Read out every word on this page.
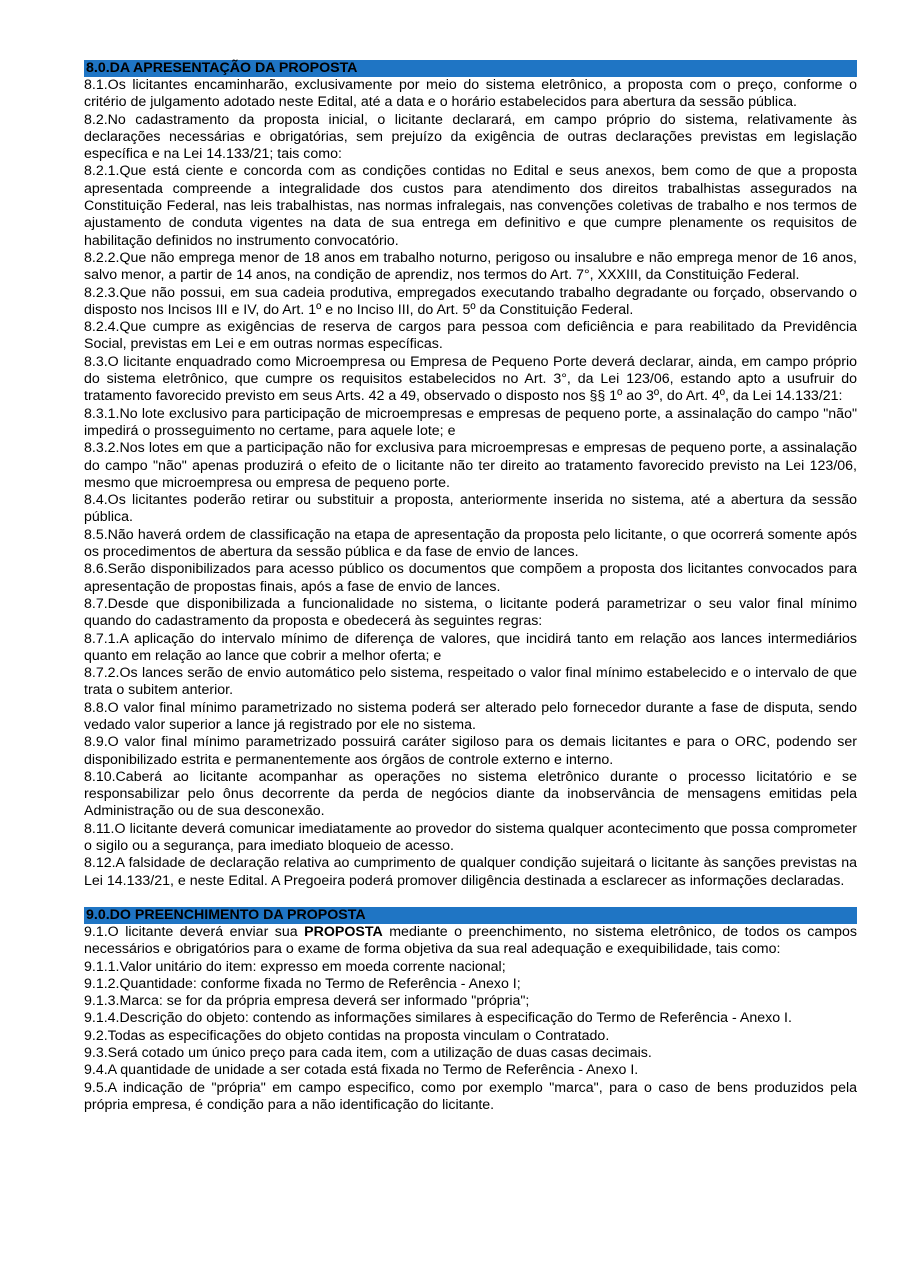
8.0.DA APRESENTAÇÃO DA PROPOSTA

8.1.Os licitantes encaminharão, exclusivamente por meio do sistema eletrônico, a proposta com o preço, conforme o critério de julgamento adotado neste Edital, até a data e o horário estabelecidos para abertura da sessão pública.

8.2.No cadastramento da proposta inicial, o licitante declarará, em campo próprio do sistema, relativamente às declarações necessárias e obrigatórias, sem prejuízo da exigência de outras declarações previstas em legislação específica e na Lei 14.133/21; tais como:

8.2.1.Que está ciente e concorda com as condições contidas no Edital e seus anexos, bem como de que a proposta apresentada compreende a integralidade dos custos para atendimento dos direitos trabalhistas assegurados na Constituição Federal, nas leis trabalhistas, nas normas infralegais, nas convenções coletivas de trabalho e nos termos de ajustamento de conduta vigentes na data de sua entrega em definitivo e que cumpre plenamente os requisitos de habilitação definidos no instrumento convocatório.

8.2.2.Que não emprega menor de 18 anos em trabalho noturno, perigoso ou insalubre e não emprega menor de 16 anos, salvo menor, a partir de 14 anos, na condição de aprendiz, nos termos do Art. 7°, XXXIII, da Constituição Federal.

8.2.3.Que não possui, em sua cadeia produtiva, empregados executando trabalho degradante ou forçado, observando o disposto nos Incisos III e IV, do Art. 1º e no Inciso III, do Art. 5º da Constituição Federal.

8.2.4.Que cumpre as exigências de reserva de cargos para pessoa com deficiência e para reabilitado da Previdência Social, previstas em Lei e em outras normas específicas.

8.3.O licitante enquadrado como Microempresa ou Empresa de Pequeno Porte deverá declarar, ainda, em campo próprio do sistema eletrônico, que cumpre os requisitos estabelecidos no Art. 3°, da Lei 123/06, estando apto a usufruir do tratamento favorecido previsto em seus Arts. 42 a 49, observado o disposto nos §§ 1º ao 3º, do Art. 4º, da Lei 14.133/21:

8.3.1.No lote exclusivo para participação de microempresas e empresas de pequeno porte, a assinalação do campo "não" impedirá o prosseguimento no certame, para aquele lote; e

8.3.2.Nos lotes em que a participação não for exclusiva para microempresas e empresas de pequeno porte, a assinalação do campo "não" apenas produzirá o efeito de o licitante não ter direito ao tratamento favorecido previsto na Lei 123/06, mesmo que microempresa ou empresa de pequeno porte.

8.4.Os licitantes poderão retirar ou substituir a proposta, anteriormente inserida no sistema, até a abertura da sessão pública.

8.5.Não haverá ordem de classificação na etapa de apresentação da proposta pelo licitante, o que ocorrerá somente após os procedimentos de abertura da sessão pública e da fase de envio de lances.

8.6.Serão disponibilizados para acesso público os documentos que compõem a proposta dos licitantes convocados para apresentação de propostas finais, após a fase de envio de lances.

8.7.Desde que disponibilizada a funcionalidade no sistema, o licitante poderá parametrizar o seu valor final mínimo quando do cadastramento da proposta e obedecerá às seguintes regras:

8.7.1.A aplicação do intervalo mínimo de diferença de valores, que incidirá tanto em relação aos lances intermediários quanto em relação ao lance que cobrir a melhor oferta; e

8.7.2.Os lances serão de envio automático pelo sistema, respeitado o valor final mínimo estabelecido e o intervalo de que trata o subitem anterior.

8.8.O valor final mínimo parametrizado no sistema poderá ser alterado pelo fornecedor durante a fase de disputa, sendo vedado valor superior a lance já registrado por ele no sistema.

8.9.O valor final mínimo parametrizado possuirá caráter sigiloso para os demais licitantes e para o ORC, podendo ser disponibilizado estrita e permanentemente aos órgãos de controle externo e interno.

8.10.Caberá ao licitante acompanhar as operações no sistema eletrônico durante o processo licitatório e se responsabilizar pelo ônus decorrente da perda de negócios diante da inobservância de mensagens emitidas pela Administração ou de sua desconexão.

8.11.O licitante deverá comunicar imediatamente ao provedor do sistema qualquer acontecimento que possa comprometer o sigilo ou a segurança, para imediato bloqueio de acesso.

8.12.A falsidade de declaração relativa ao cumprimento de qualquer condição sujeitará o licitante às sanções previstas na Lei 14.133/21, e neste Edital. A Pregoeira poderá promover diligência destinada a esclarecer as informações declaradas.

9.0.DO PREENCHIMENTO DA PROPOSTA

9.1.O licitante deverá enviar sua PROPOSTA mediante o preenchimento, no sistema eletrônico, de todos os campos necessários e obrigatórios para o exame de forma objetiva da sua real adequação e exequibilidade, tais como:

9.1.1.Valor unitário do item: expresso em moeda corrente nacional;

9.1.2.Quantidade: conforme fixada no Termo de Referência - Anexo I;

9.1.3.Marca: se for da própria empresa deverá ser informado "própria";

9.1.4.Descrição do objeto: contendo as informações similares à especificação do Termo de Referência - Anexo I.

9.2.Todas as especificações do objeto contidas na proposta vinculam o Contratado.

9.3.Será cotado um único preço para cada item, com a utilização de duas casas decimais.

9.4.A quantidade de unidade a ser cotada está fixada no Termo de Referência - Anexo I.

9.5.A indicação de "própria" em campo especifico, como por exemplo "marca", para o caso de bens produzidos pela própria empresa, é condição para a não identificação do licitante.
